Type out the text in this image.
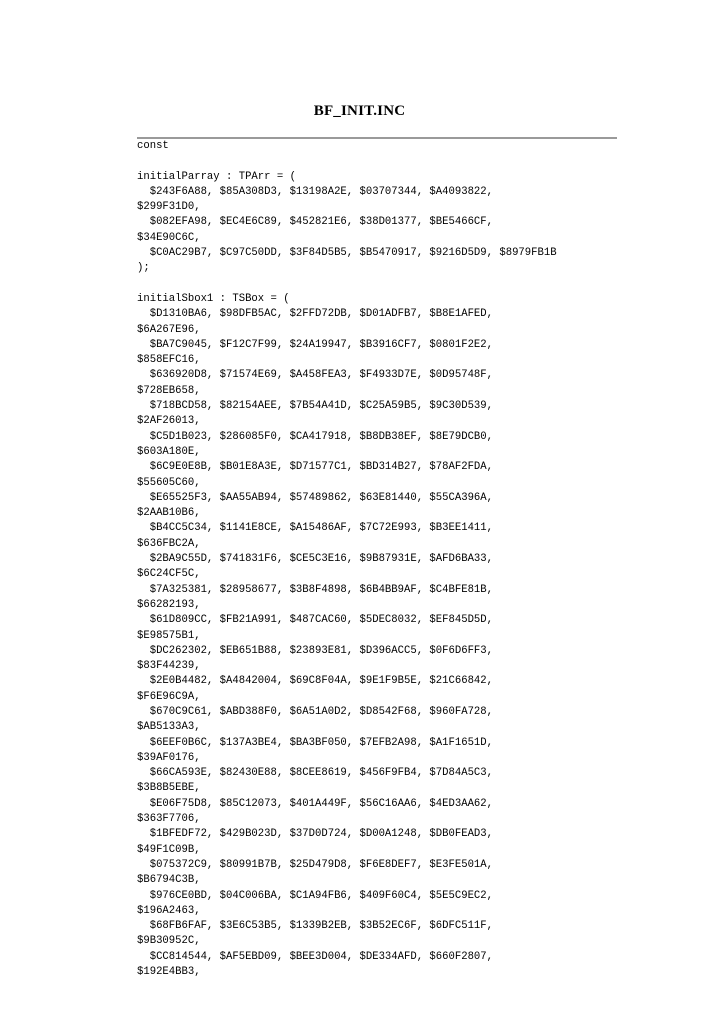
BF_INIT.INC
const
initialParray : TPArr = (
$243F6A88, $85A308D3, $13198A2E, $03707344, $A4093822,
$299F31D0,
$082EFA98, $EC4E6C89, $452821E6, $38D01377, $BE5466CF,
$34E90C6C,
$C0AC29B7, $C97C50DD, $3F84D5B5, $B5470917, $9216D5D9, $8979FB1B
);
initialSbox1 : TSBox = (
$D1310BA6, $98DFB5AC, $2FFD72DB, $D01ADFB7, $B8E1AFED,
$6A267E96,
$BA7C9045, $F12C7F99, $24A19947, $B3916CF7, $0801F2E2,
$858EFC16,
$636920D8, $71574E69, $A458FEA3, $F4933D7E, $0D95748F,
$728EB658,
$718BCD58, $82154AEE, $7B54A41D, $C25A59B5, $9C30D539,
$2AF26013,
$C5D1B023, $286085F0, $CA417918, $B8DB38EF, $8E79DCB0,
$603A180E,
$6C9E0E8B, $B01E8A3E, $D71577C1, $BD314B27, $78AF2FDA,
$55605C60,
$E65525F3, $AA55AB94, $57489862, $63E81440, $55CA396A,
$2AAB10B6,
$B4CC5C34, $1141E8CE, $A15486AF, $7C72E993, $B3EE1411,
$636FBC2A,
$2BA9C55D, $741831F6, $CE5C3E16, $9B87931E, $AFD6BA33,
$6C24CF5C,
$7A325381, $28958677, $3B8F4898, $6B4BB9AF, $C4BFE81B,
$66282193,
$61D809CC, $FB21A991, $487CAC60, $5DEC8032, $EF845D5D,
$E98575B1,
$DC262302, $EB651B88, $23893E81, $D396ACC5, $0F6D6FF3,
$83F44239,
$2E0B4482, $A4842004, $69C8F04A, $9E1F9B5E, $21C66842,
$F6E96C9A,
$670C9C61, $ABD388F0, $6A51A0D2, $D8542F68, $960FA728,
$AB5133A3,
$6EEF0B6C, $137A3BE4, $BA3BF050, $7EFB2A98, $A1F1651D,
$39AF0176,
$66CA593E, $82430E88, $8CEE8619, $456F9FB4, $7D84A5C3,
$3B8B5EBE,
$E06F75D8, $85C12073, $401A449F, $56C16AA6, $4ED3AA62,
$363F7706,
$1BFEDF72, $429B023D, $37D0D724, $D00A1248, $DB0FEAD3,
$49F1C09B,
$075372C9, $80991B7B, $25D479D8, $F6E8DEF7, $E3FE501A,
$B6794C3B,
$976CE0BD, $04C006BA, $C1A94FB6, $409F60C4, $5E5C9EC2,
$196A2463,
$68FB6FAF, $3E6C53B5, $1339B2EB, $3B52EC6F, $6DFC511F,
$9B30952C,
$CC814544, $AF5EBD09, $BEE3D004, $DE334AFD, $660F2807,
$192E4BB3,
